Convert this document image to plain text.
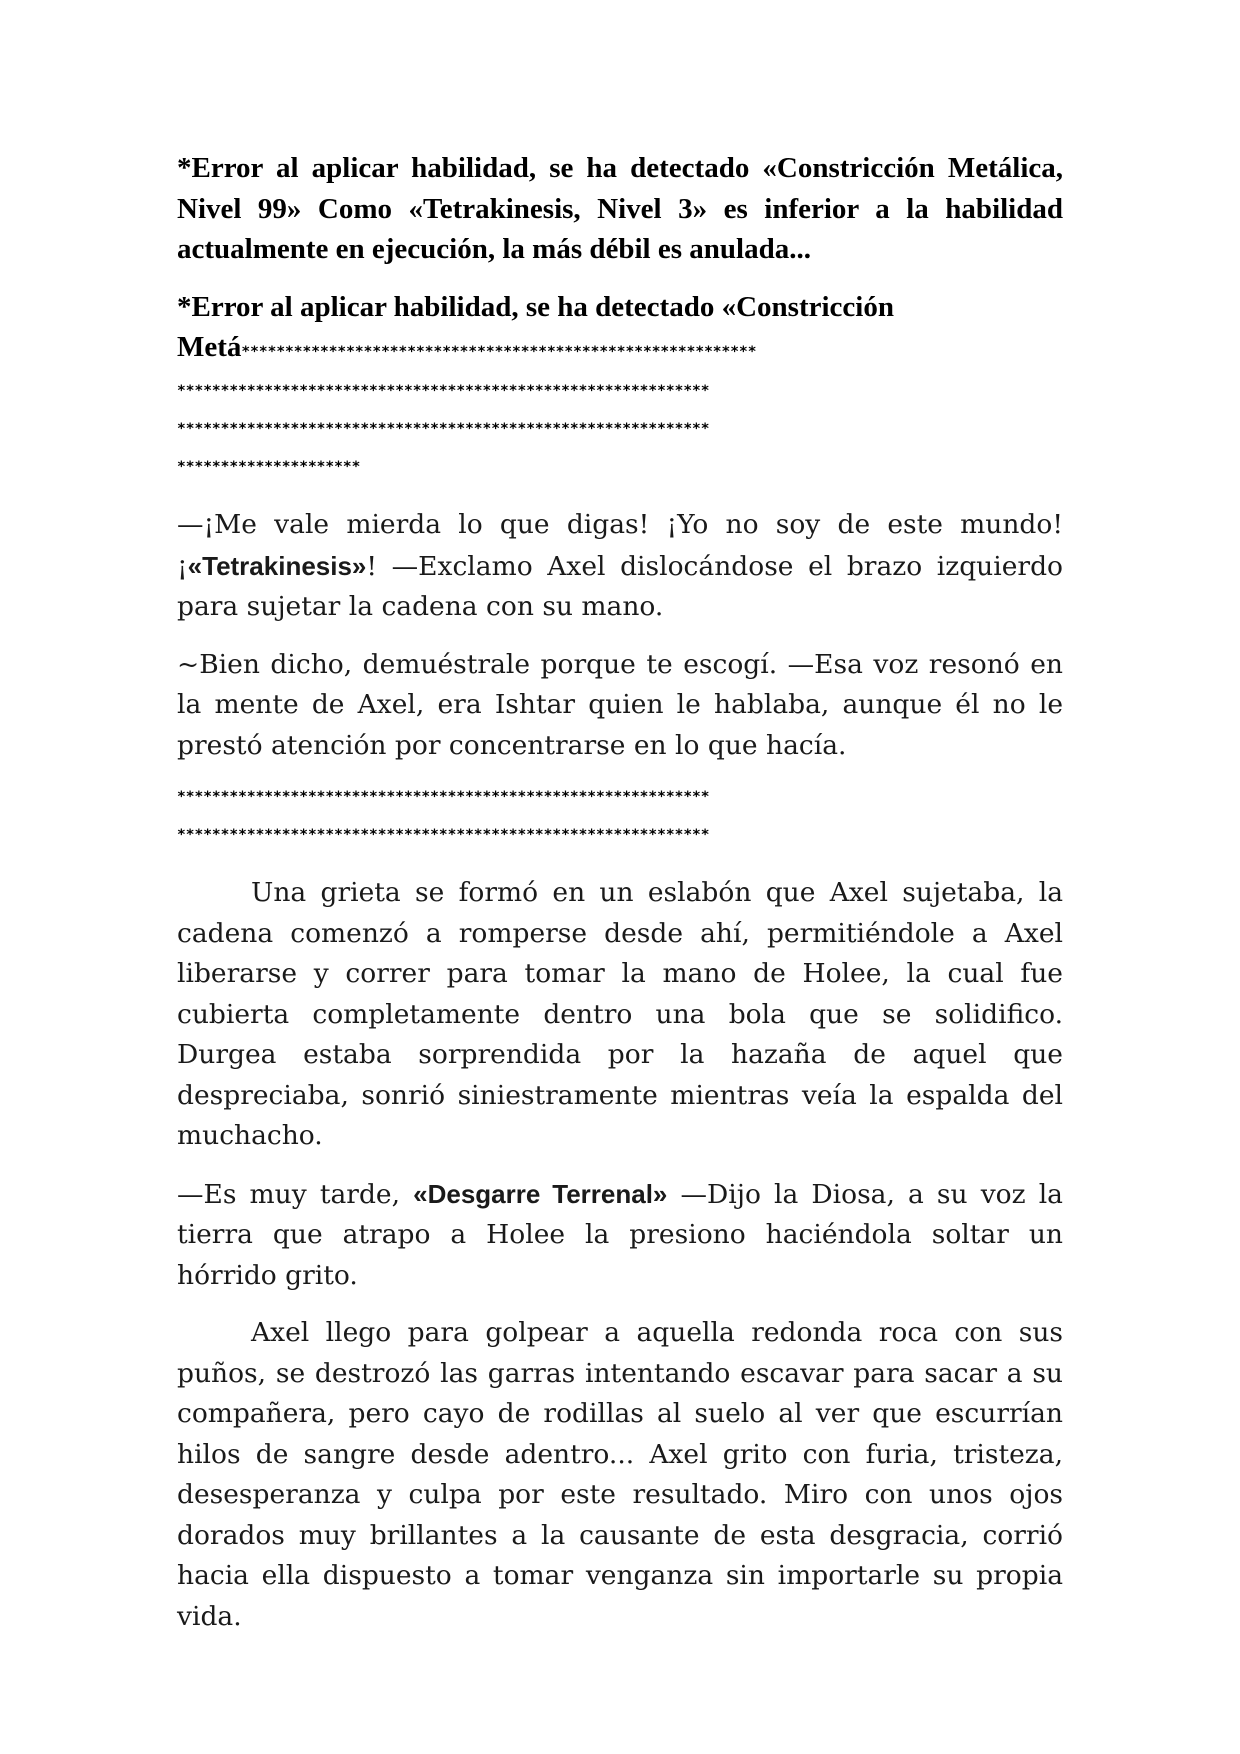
*Error al aplicar habilidad, se ha detectado «Constricción Metálica, Nivel 99» Como «Tetrakinesis, Nivel 3» es inferior a la habilidad actualmente en ejecución, la más débil es anulada...

*Error al aplicar habilidad, se ha detectado «Constricción Metá***********************************************************

*************************************************************
*************************************************************
*********************

—¡Me vale mierda lo que digas! ¡Yo no soy de este mundo! ¡«Tetrakinesis»! —Exclamo Axel dislocándose el brazo izquierdo para sujetar la cadena con su mano.

~Bien dicho, demuéstrale porque te escogí. —Esa voz resonó en la mente de Axel, era Ishtar quien le hablaba, aunque él no le prestó atención por concentrarse en lo que hacía.

*************************************************************
*************************************************************

Una grieta se formó en un eslabón que Axel sujetaba, la cadena comenzó a romperse desde ahí, permitiéndole a Axel liberarse y correr para tomar la mano de Holee, la cual fue cubierta completamente dentro una bola que se solidifico. Durgea estaba sorprendida por la hazaña de aquel que despreciaba, sonrió siniestramente mientras veía la espalda del muchacho.

—Es muy tarde, «Desgarre Terrenal» —Dijo la Diosa, a su voz la tierra que atrapo a Holee la presiono haciéndola soltar un hórrido grito.

Axel llego para golpear a aquella redonda roca con sus puños, se destrozó las garras intentando escavar para sacar a su compañera, pero cayo de rodillas al suelo al ver que escurrían hilos de sangre desde adentro... Axel grito con furia, tristeza, desesperanza y culpa por este resultado. Miro con unos ojos dorados muy brillantes a la causante de esta desgracia, corrió hacia ella dispuesto a tomar venganza sin importarle su propia vida.
